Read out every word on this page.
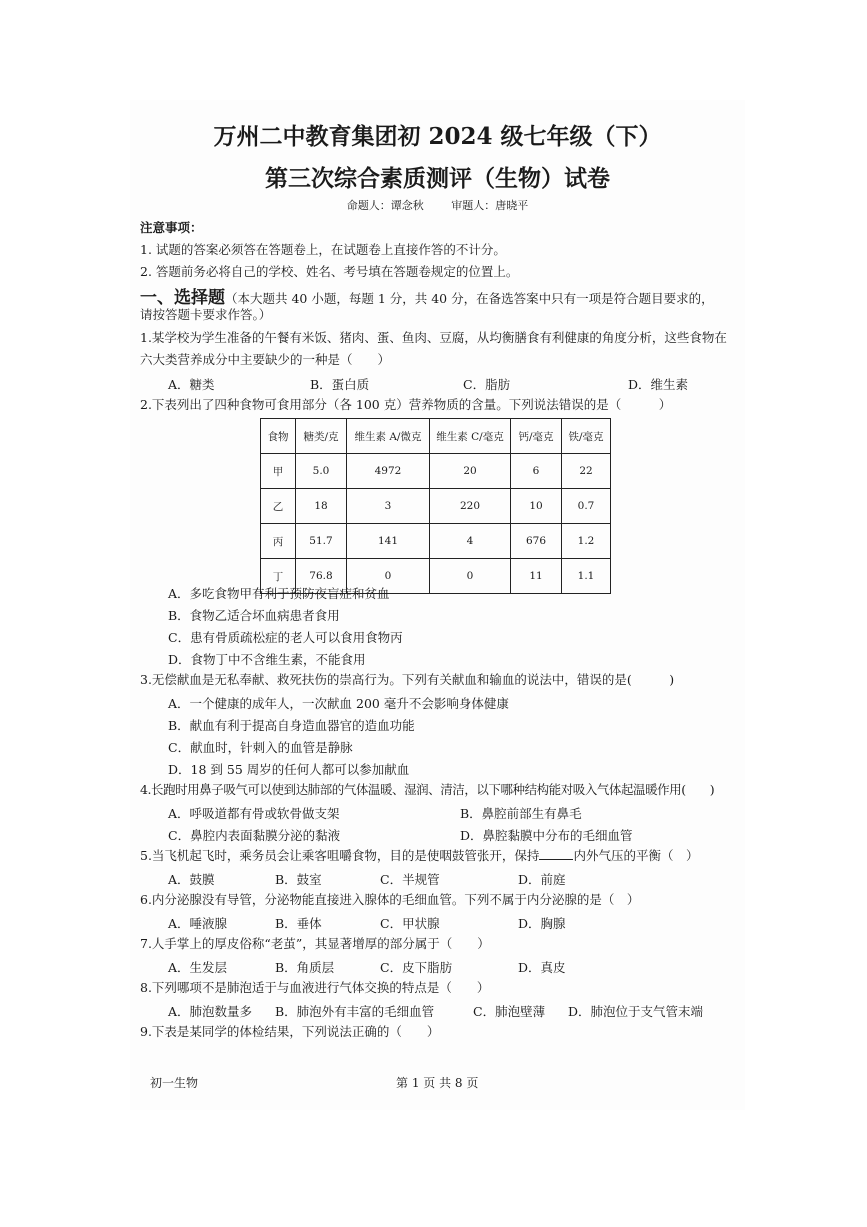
万州二中教育集团初 2024 级七年级（下）
第三次综合素质测评（生物）试卷
命题人：谭念秋	审题人：唐晓平
注意事项：
1. 试题的答案必须答在答题卷上，在试题卷上直接作答的不计分。
2. 答题前务必将自己的学校、姓名、考号填在答题卷规定的位置上。
一、选择题（本大题共 40 小题，每题 1 分，共 40 分，在备选答案中只有一项是符合题目要求的，
请按答题卡要求作答。）
1.某学校为学生准备的午餐有米饭、猪肉、蛋、鱼肉、豆腐，从均衡膳食有利健康的角度分析，这些食物在
六大类营养成分中主要缺少的一种是（　　）
A．糖类	B．蛋白质	C．脂肪	D．维生素
2.下表列出了四种食物可食用部分（各 100 克）营养物质的含量。下列说法错误的是（　　　）
食物	糖类/克	维生素 A/微克	维生素 C/毫克	钙/毫克	铁/毫克
甲	5.0	4972	20	6	22
乙	18	3	220	10	0.7
丙	51.7	141	4	676	1.2
丁	76.8	0	0	11	1.1
A．多吃食物甲有利于预防夜盲症和贫血
B．食物乙适合坏血病患者食用
C．患有骨质疏松症的老人可以食用食物丙
D．食物丁中不含维生素，不能食用
3.无偿献血是无私奉献、救死扶伤的崇高行为。下列有关献血和输血的说法中，错误的是(　　　)
A．一个健康的成年人，一次献血 200 毫升不会影响身体健康
B．献血有利于提高自身造血器官的造血功能
C．献血时，针刺入的血管是静脉
D．18 到 55 周岁的任何人都可以参加献血
4.长跑时用鼻子吸气可以使到达肺部的气体温暖、湿润、清洁，以下哪种结构能对吸入气体起温暖作用(　　)
A．呼吸道都有骨或软骨做支架	B．鼻腔前部生有鼻毛
C．鼻腔内表面黏膜分泌的黏液	D．鼻腔黏膜中分布的毛细血管
5.当飞机起飞时，乘务员会让乘客咀嚼食物，目的是使咽鼓管张开，保持	内外气压的平衡（　）
A．鼓膜	B．鼓室	C．半规管	D．前庭
6.内分泌腺没有导管，分泌物能直接进入腺体的毛细血管。下列不属于内分泌腺的是（　）
A．唾液腺	B．垂体	C．甲状腺	D．胸腺
7.人手掌上的厚皮俗称“老茧”，其显著增厚的部分属于（　　）
A．生发层	B．角质层	C．皮下脂肪	D．真皮
8.下列哪项不是肺泡适于与血液进行气体交换的特点是（　　）
A．肺泡数量多 B．肺泡外有丰富的毛细血管	C．肺泡壁薄 D．肺泡位于支气管末端
9.下表是某同学的体检结果，下列说法正确的（　　）
初一生物	第 1 页 共 8 页
